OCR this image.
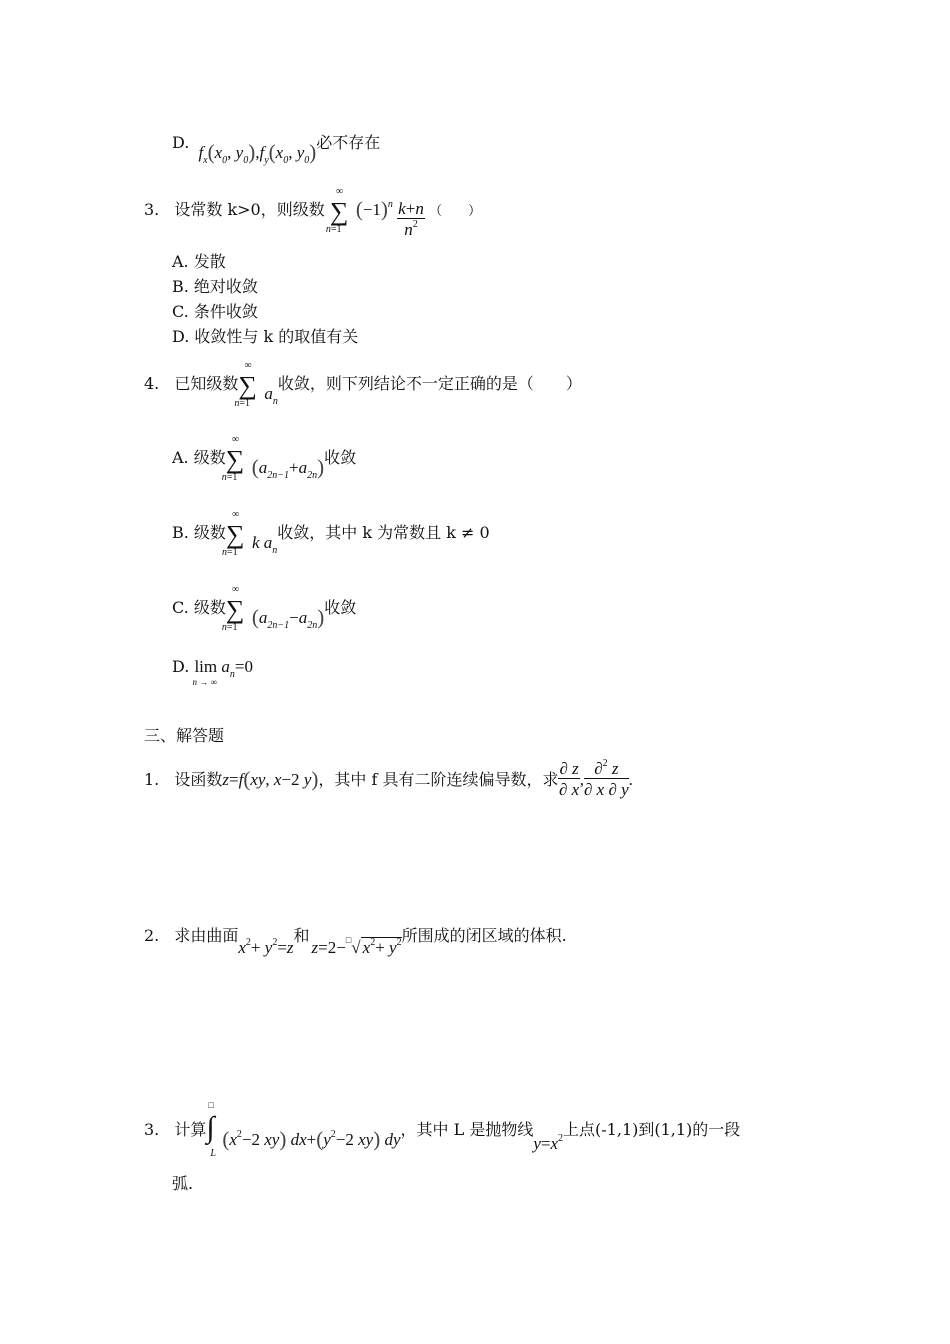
D. $f_x(x_0$, $y_0),f_y(x_0$, $y_0$)必不存在
3. 设常数 k>0，则级数
∞
∑
n=1
$(-1)^n \frac{k+n}{n^2}$ （　　）
A. 发散
B. 绝对收敛
C. 条件收敛
D. 收敛性与 k 的取值有关
4. 已知级数
∞
∑
n=1
$a_n$收敛，则下列结论不一定正确的是（　　）
A. 级数
∞
∑
n=1 $(a_{2n-1}+a_{2n})$收敛
B. 级数
∞
∑
n=1
k $a_n$收敛，其中 k 为常数且 k ≠ 0
C. 级数
∞
∑
n=1 $(a_{2n-1}-a_{2n})$收敛
D. lim
n → ∞
$a_n=0$
三、解答题
1. 设函数z=f(xy, x−2 y)，其中 f 具有二阶连续偏导数，求 $\frac{\partial z}{\partial x}$ , $\frac{\partial^2 z}{\partial x \partial y}$ .
2. 求由曲面$x^2+ y^2=z$和z=2−□√ $x^2+ y^2$所围成的闭区域的体积.
3. 计算
□
∫
L
($x^2-2$ xy) $dx+(y^2-2$ xy) dy，其中 L 是抛物线$y=x^2$上点(-1,1)到(1,1)的一段
弧.
